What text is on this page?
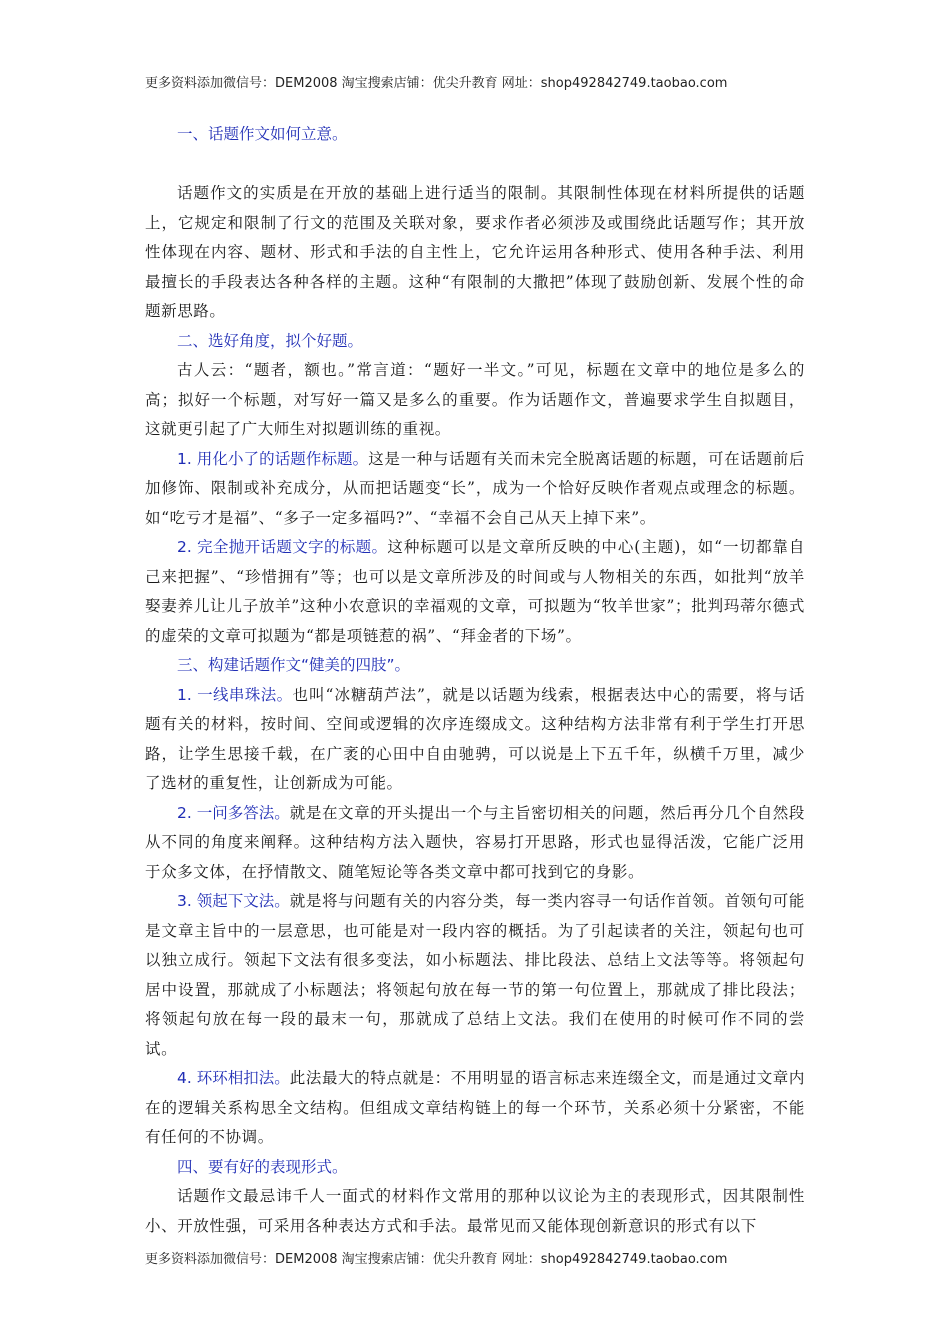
更多资料添加微信号：DEM2008 淘宝搜索店铺：优尖升教育 网址：shop492842749.taobao.com

一、话题作文如何立意。

话题作文的实质是在开放的基础上进行适当的限制。其限制性体现在材料所提供的话题上，它规定和限制了行文的范围及关联对象，要求作者必须涉及或围绕此话题写作；其开放性体现在内容、题材、形式和手法的自主性上，它允许运用各种形式、使用各种手法、利用最擅长的手段表达各种各样的主题。这种“有限制的大撒把”体现了鼓励创新、发展个性的命题新思路。

二、选好角度，拟个好题。

古人云：“题者，额也。”常言道：“题好一半文。”可见，标题在文章中的地位是多么的高；拟好一个标题，对写好一篇又是多么的重要。作为话题作文，普遍要求学生自拟题目，这就更引起了广大师生对拟题训练的重视。

1. 用化小了的话题作标题。这是一种与话题有关而未完全脱离话题的标题，可在话题前后加修饰、限制或补充成分，从而把话题变“长”，成为一个恰好反映作者观点或理念的标题。如“吃亏才是福”、“多子一定多福吗?”、“幸福不会自己从天上掉下来”。

2. 完全抛开话题文字的标题。这种标题可以是文章所反映的中心(主题)，如“一切都靠自己来把握”、“珍惜拥有”等；也可以是文章所涉及的时间或与人物相关的东西，如批判“放羊娶妻养儿让儿子放羊”这种小农意识的幸福观的文章，可拟题为“牧羊世家”；批判玛蒂尔德式的虚荣的文章可拟题为“都是项链惹的祸”、“拜金者的下场”。

三、构建话题作文“健美的四肢”。

1. 一线串珠法。也叫“冰糖葫芦法”，就是以话题为线索，根据表达中心的需要，将与话题有关的材料，按时间、空间或逻辑的次序连缀成文。这种结构方法非常有利于学生打开思路，让学生思接千载，在广袤的心田中自由驰骋，可以说是上下五千年，纵横千万里，减少了选材的重复性，让创新成为可能。

2. 一问多答法。就是在文章的开头提出一个与主旨密切相关的问题，然后再分几个自然段从不同的角度来阐释。这种结构方法入题快，容易打开思路，形式也显得活泼，它能广泛用于众多文体，在抒情散文、随笔短论等各类文章中都可找到它的身影。

3. 领起下文法。就是将与问题有关的内容分类，每一类内容寻一句话作首领。首领句可能是文章主旨中的一层意思，也可能是对一段内容的概括。为了引起读者的关注，领起句也可以独立成行。领起下文法有很多变法，如小标题法、排比段法、总结上文法等等。将领起句居中设置，那就成了小标题法；将领起句放在每一节的第一句位置上，那就成了排比段法；将领起句放在每一段的最末一句，那就成了总结上文法。我们在使用的时候可作不同的尝试。

4. 环环相扣法。此法最大的特点就是：不用明显的语言标志来连缀全文，而是通过文章内在的逻辑关系构思全文结构。但组成文章结构链上的每一个环节，关系必须十分紧密，不能有任何的不协调。

四、要有好的表现形式。

话题作文最忌讳千人一面式的材料作文常用的那种以议论为主的表现形式，因其限制性小、开放性强，可采用各种表达方式和手法。最常见而又能体现创新意识的形式有以下

更多资料添加微信号：DEM2008 淘宝搜索店铺：优尖升教育 网址：shop492842749.taobao.com
